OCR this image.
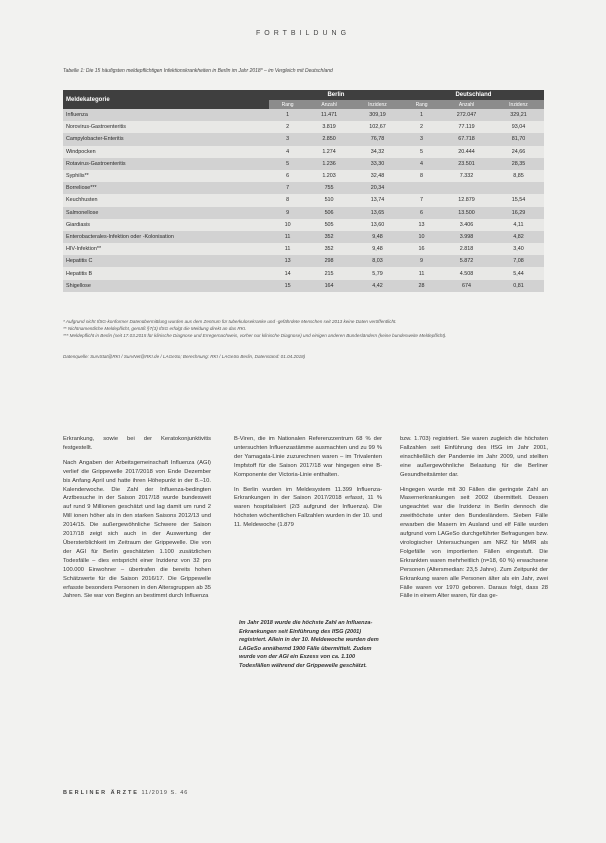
FORTBILDUNG
Tabelle 1: Die 15 häufigsten meldepflichtigen Infektionskrankheiten in Berlin im Jahr 2018* – im Vergleich mit Deutschland
Meldekategorie	Berlin			Deutschland		
	Rang	Anzahl	Inzidenz	Rang	Anzahl	Inzidenz
Influenza	1	11.471	309,19	1	272.047	329,21
Norovirus-Gastroenteritis	2	3.819	102,67	2	77.119	93,04
Campylobacter-Enteritis	3	2.850	76,78	3	67.718	81,70
Windpocken	4	1.274	34,32	5	20.444	24,66
Rotavirus-Gastroenteritis	5	1.236	33,30	4	23.501	28,35
Syphilis**	6	1.203	32,48	8	7.332	8,85
Borreliose***	7	755	20,34			
Keuchhusten	8	510	13,74	7	12.879	15,54
Salmonellose	9	506	13,65	6	13.500	16,29
Giardiasis	10	505	13,60	13	3.406	4,11
Enterobacterales-Infektion oder -Kolonisation	11	352	9,48	10	3.998	4,82
HIV-Infektion**	11	352	9,48	16	2.818	3,40
Hepatitis C	13	298	8,03	9	5.872	7,08
Hepatitis B	14	215	5,79	11	4.508	5,44
Shigellose	15	164	4,42	28	674	0,81

* Aufgrund nicht IfSG-konformer Datenübermittlung wurden aus dem Zentrum für tuberkulosekranke und -gefährdete Menschen seit 2013 keine Daten veröffentlicht.

** Nichtnamentliche Meldepflicht, gemäß §7(3) IfSG erfolgt die Meldung direkt an das RKI.

*** Meldepflicht in Berlin (seit 17.03.2015 für klinische Diagnose und Erregernachweis, vorher nur klinische Diagnose) und einigen anderen Bundesländern (keine bundesweite Meldepflicht).

Datenquelle: SurvStat@RKI / SurvNet@RKI.de / LAGeSo; Berechnung: RKI / LAGeSo Berlin, Datenstand: 01.04.2018)

Erkrankung, sowie bei der Keratokonjunktivitis festgestellt.

Nach Angaben der Arbeitsgemeinschaft Influenza (AGI) verlief die Grippewelle 2017/2018 von Ende Dezember bis Anfang April und hatte ihren Höhepunkt in der 8.–10. Kalenderwoche. Die Zahl der Influenza-bedingten Arztbesuche in der Saison 2017/18 wurde bundesweit auf rund 9 Millionen geschätzt und lag damit um rund 2 Mill ionen höher als in den starken Saisons 2012/13 und 2014/15. Die außergewöhnliche Schwere der Saison 2017/18 zeigt sich auch in der Auswertung der Übersterblichkeit im Zeitraum der Grippewelle. Die von der AGI für Berlin geschätzten 1.100 zusätzlichen Todesfälle – dies entspricht einer Inzidenz von 32 pro 100.000 Einwohner – übertrafen die bereits hohen Schätzwerte für die Saison 2016/17. Die Grippewelle erfasste besonders Personen in den Altersgruppen ab 35 Jahren. Sie war von Beginn an bestimmt durch Influenza

B-Viren, die im Nationalen Referenzzentrum 68 % der untersuchten Influenzastämme ausmachten und zu 99 % der Yamagata-Linie zuzurechnen waren – im Trivalenten Impfstoff für die Saison 2017/18 war hingegen eine B-Komponente der Victoria-Linie enthalten.

In Berlin wurden im Meldesystem 11.399 Influenza-Erkrankungen in der Saison 2017/2018 erfasst, 11 % waren hospitalisiert (2/3 aufgrund der Influenza). Die höchsten wöchentlichen Fallzahlen wurden in der 10. und 11. Meldewoche (1.879

Im Jahr 2018 wurde die höchste Zahl an Influenza-Erkrankungen seit Einführung des IfSG (2001) registriert. Allein in der 10. Meldewoche wurden dem LAGeSo annähernd 1900 Fälle übermittelt. Zudem wurde von der AGI ein Exzess von ca. 1.100 Todesfällen während der Grippewelle geschätzt.

bzw. 1.703) registriert. Sie waren zugleich die höchsten Fallzahlen seit Einführung des IfSG im Jahr 2001, einschließlich der Pandemie im Jahr 2009, und stellten eine außergewöhnliche Belastung für die Berliner Gesundheitsämter dar.

Hingegen wurde mit 30 Fällen die geringste Zahl an Masernerkrankungen seit 2002 übermittelt. Dessen ungeachtet war die Inzidenz in Berlin dennoch die zweithöchste unter den Bundesländern. Sieben Fälle erwarben die Masern im Ausland und elf Fälle wurden aufgrund vom LAGeSo durchgeführter Befragungen bzw. virologischer Untersuchungen am NRZ für MMR als Folgefälle von importierten Fällen eingestuft. Die Erkrankten waren mehrheitlich (n=18, 60 %) erwachsene Personen (Altersmedian: 23,5 Jahre). Zum Zeitpunkt der Erkrankung waren alle Personen älter als ein Jahr, zwei Fälle waren vor 1970 geboren. Daraus folgt, dass 28 Fälle in einem Alter waren, für das ge-

BERLINER ÄRZTE 11/2019 S. 46
